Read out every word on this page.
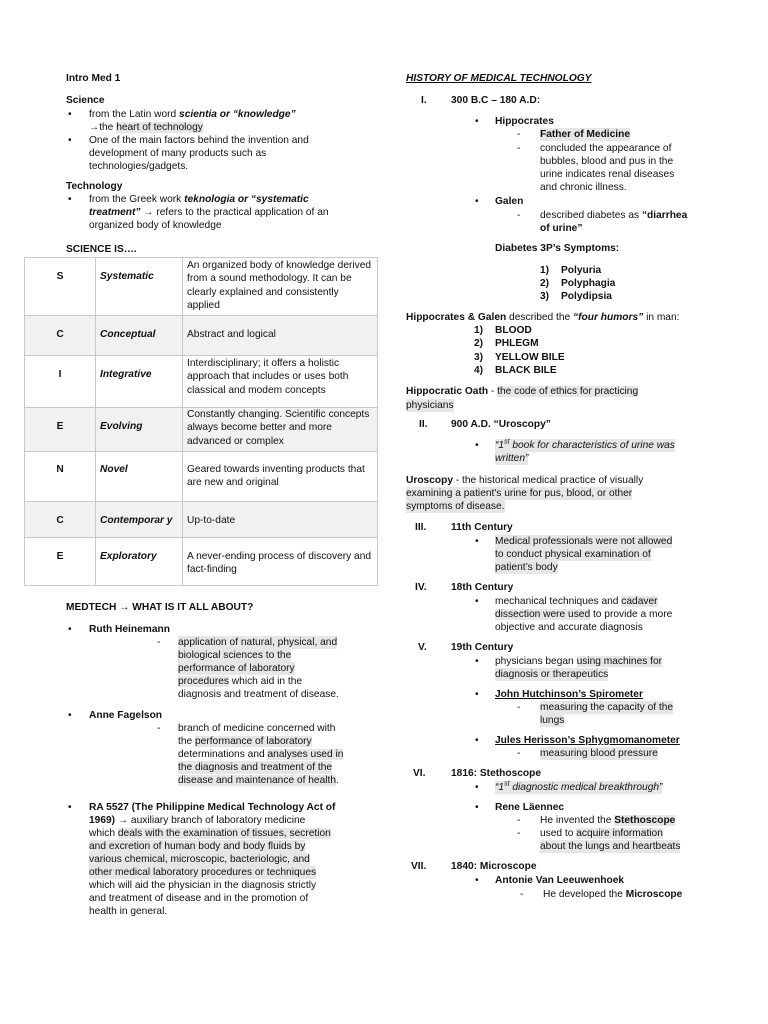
Intro Med 1
Science
• from the Latin word scientia or “knowledge”
→the heart of technology
• One of the main factors behind the invention and
development of many products such as
technologies/gadgets.
Technology
• from the Greek work teknologia or “systematic
treatment” → refers to the practical application of an
organized body of knowledge
SCIENCE IS….
S	Systematic	An organized body of knowledge derived from a sound methodology. It can be clearly explained and consistently applied
C	Conceptual	Abstract and logical
I	Integrative	Interdisciplinary; it offers a holistic approach that includes or uses both classical and modem concepts
E	Evolving	Constantly changing. Scientific concepts always become better and more advanced or complex
N	Novel	Geared towards inventing products that are new and original
C	Contemporar y	Up-to-date
E	Exploratory	A never-ending process of discovery and fact-finding
MEDTECH → WHAT IS IT ALL ABOUT?
• Ruth Heinemann
- application of natural, physical, and
biological sciences to the
performance of laboratory
procedures which aid in the
diagnosis and treatment of disease.
• Anne Fagelson
- branch of medicine concerned with
the performance of laboratory
determinations and analyses used in
the diagnosis and treatment of the
disease and maintenance of health.
• RA 5527 (The Philippine Medical Technology Act of
1969) → auxiliary branch of laboratory medicine
which deals with the examination of tissues, secretion
and excretion of human body and body fluids by
various chemical, microscopic, bacteriologic, and
other medical laboratory procedures or techniques
which will aid the physician in the diagnosis strictly
and treatment of disease and in the promotion of
health in general.
HISTORY OF MEDICAL TECHNOLOGY
I. 300 B.C – 180 A.D:
• Hippocrates
- Father of Medicine
- concluded the appearance of
bubbles, blood and pus in the
urine indicates renal diseases
and chronic illness.
• Galen
- described diabetes as “diarrhea
of urine”
Diabetes 3P’s Symptoms:
1) Polyuria
2) Polyphagia
3) Polydipsia
Hippocrates & Galen described the “four humors” in man:
1) BLOOD
2) PHLEGM
3) YELLOW BILE
4) BLACK BILE
Hippocratic Oath - the code of ethics for practicing
physicians
II. 900 A.D. “Uroscopy”
• “1st book for characteristics of urine was
written”
Uroscopy - the historical medical practice of visually
examining a patient's urine for pus, blood, or other
symptoms of disease.
III. 11th Century
• Medical professionals were not allowed
to conduct physical examination of
patient’s body
IV. 18th Century
• mechanical techniques and cadaver
dissection were used to provide a more
objective and accurate diagnosis
V. 19th Century
• physicians began using machines for
diagnosis or therapeutics
• John Hutchinson’s Spirometer
- measuring the capacity of the
lungs
• Jules Herisson’s Sphygmomanometer
- measuring blood pressure
VI.	1816: Stethoscope
• “1st diagnostic medical breakthrough”
• Rene Läennec
- He invented the Stethoscope
- used to acquire information
about the lungs and heartbeats
VII. 1840: Microscope
• Antonie Van Leeuwenhoek
- He developed the Microscope
